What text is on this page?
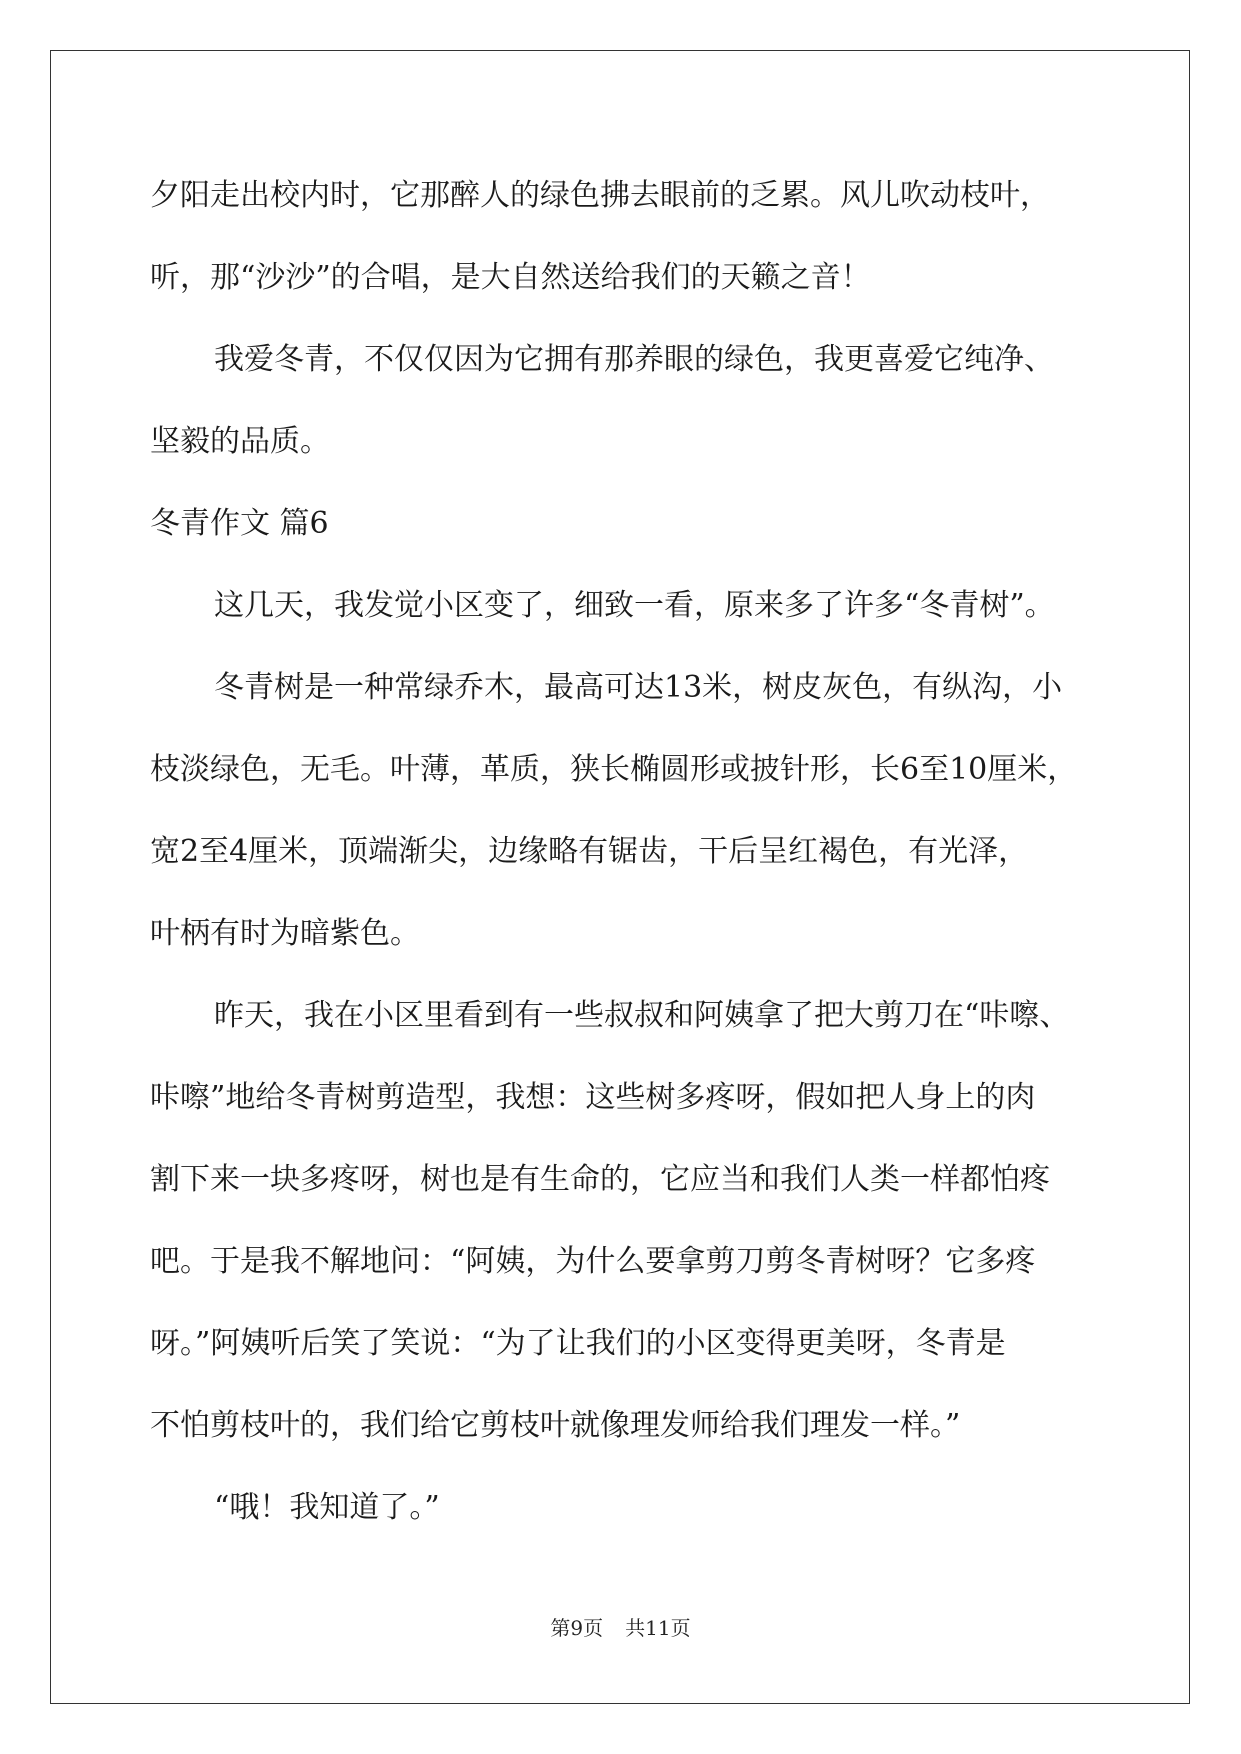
夕阳走出校内时，它那醉人的绿色拂去眼前的乏累。风儿吹动枝叶，

听，那“沙沙”的合唱，是大自然送给我们的天籁之音！

我爱冬青，不仅仅因为它拥有那养眼的绿色，我更喜爱它纯净、

坚毅的品质。

冬青作文 篇6

这几天，我发觉小区变了，细致一看，原来多了许多“冬青树”。

冬青树是一种常绿乔木，最高可达13米，树皮灰色，有纵沟，小

枝淡绿色，无毛。叶薄，革质，狭长椭圆形或披针形，长6至10厘米，

宽2至4厘米，顶端渐尖，边缘略有锯齿，干后呈红褐色，有光泽，

叶柄有时为暗紫色。

昨天，我在小区里看到有一些叔叔和阿姨拿了把大剪刀在“咔嚓、

咔嚓”地给冬青树剪造型，我想：这些树多疼呀，假如把人身上的肉

割下来一块多疼呀，树也是有生命的，它应当和我们人类一样都怕疼

吧。于是我不解地问：“阿姨，为什么要拿剪刀剪冬青树呀？它多疼

呀。”阿姨听后笑了笑说：“为了让我们的小区变得更美呀，冬青是

不怕剪枝叶的，我们给它剪枝叶就像理发师给我们理发一样。”

“哦！我知道了。”

第9页 共11页
